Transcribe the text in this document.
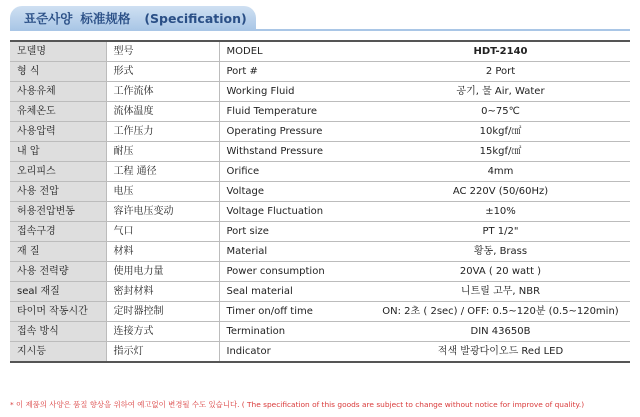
표준사양 标准规格 (Specification)
모델명	型号	MODEL	HDT-2140
형 식	形式	Port #	2 Port
사용유체	工作流体	Working Fluid	공기, 물 Air, Water
유체온도	流体温度	Fluid Temperature	0~75℃
사용압력	工作压力	Operating Pressure	10kgf/㎠
내 압	耐压	Withstand Pressure	15kgf/㎠
오리피스	工程 通径	Orifice	4mm
사용 전압	电压	Voltage	AC 220V (50/60Hz)
허용전압변동	容许电压变动	Voltage Fluctuation	±10%
접속구경	气口	Port size	PT 1/2"
재 질	材料	Material	황동, Brass
사용 전력량	使用电力量	Power consumption	20VA ( 20 watt )
seal 재질	密封材料	Seal material	니트릴 고무, NBR
타이머 작동시간	定时器控制	Timer on/off time	ON: 2초 ( 2sec) / OFF: 0.5~120분 (0.5~120min)
접속 방식	连接方式	Termination	DIN 43650B
지시등	指示灯	Indicator	적색 발광다이오드 Red LED
* 이 제품의 사양은 품질 향상을 위하여 예고없이 변경될 수도 있습니다. ( The specification of this goods are subject to change without notice for improve of quality.)
